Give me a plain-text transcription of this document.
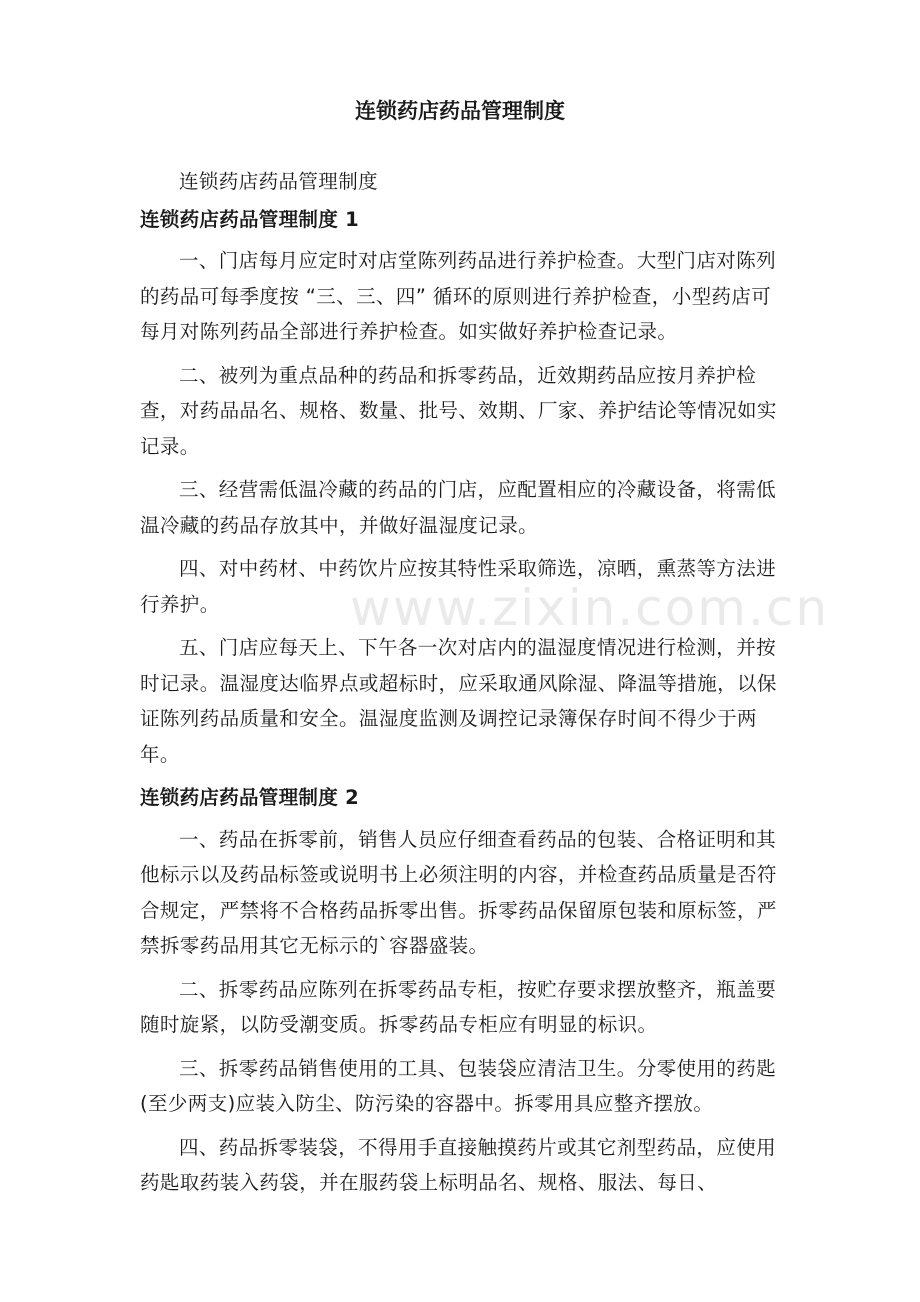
连锁药店药品管理制度

连锁药店药品管理制度

连锁药店药品管理制度 1

一、门店每月应定时对店堂陈列药品进行养护检查。大型门店对陈列的药品可每季度按 “三、三、四” 循环的原则进行养护检查，小型药店可每月对陈列药品全部进行养护检查。如实做好养护检查记录。

二、被列为重点品种的药品和拆零药品，近效期药品应按月养护检查，对药品品名、规格、数量、批号、效期、厂家、养护结论等情况如实记录。

三、经营需低温冷藏的药品的门店，应配置相应的冷藏设备，将需低温冷藏的药品存放其中，并做好温湿度记录。

四、对中药材、中药饮片应按其特性采取筛选，凉晒，熏蒸等方法进行养护。

五、门店应每天上、下午各一次对店内的温湿度情况进行检测，并按时记录。温湿度达临界点或超标时，应采取通风除湿、降温等措施，以保证陈列药品质量和安全。温湿度监测及调控记录簿保存时间不得少于两年。

连锁药店药品管理制度 2

一、药品在拆零前，销售人员应仔细查看药品的包装、合格证明和其他标示以及药品标签或说明书上必须注明的内容，并检查药品质量是否符合规定，严禁将不合格药品拆零出售。拆零药品保留原包装和原标签，严禁拆零药品用其它无标示的`容器盛装。

二、拆零药品应陈列在拆零药品专柜，按贮存要求摆放整齐，瓶盖要随时旋紧，以防受潮变质。拆零药品专柜应有明显的标识。

三、拆零药品销售使用的工具、包装袋应清洁卫生。分零使用的药匙(至少两支)应装入防尘、防污染的容器中。拆零用具应整齐摆放。

四、药品拆零装袋，不得用手直接触摸药片或其它剂型药品，应使用药匙取药装入药袋，并在服药袋上标明品名、规格、服法、每日、

www.zixin.com.cn
